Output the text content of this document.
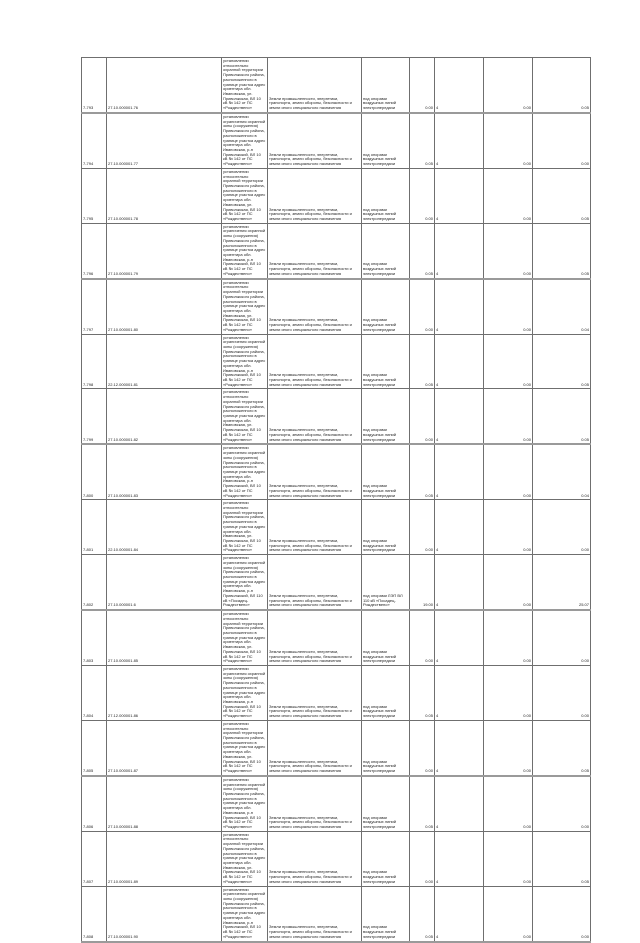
7-793	27.10.000001.76	установлении относительно охранной территории Приволжского района, расположенного в границе участка адрес ориентира обл. Ивановская, ул. Приволжская, ВЛ 10 кВ № 142 от ПС «Рождествено»	Земли промышленности, энергетики, транспорта, земли обороны, безопасности и земли иного специального назначения	под опорами воздушных линий электропередачи	0.00	4	0.00	0.05
7-794	27.10.000001.77	установлении ограничения охранной зоны (сооружения) Приволжского района, расположенного в границе участка адрес ориентира обл. Ивановская, р-н Приволжский, ВЛ 10 кВ № 142 от ПС «Рождествено»	Земли промышленности, энергетики, транспорта, земли обороны, безопасности и земли иного специального назначения	под опорами воздушных линий электропередачи	0.05	4	0.00	0.00
7-795	27.10.000001.78	установлении относительно охранной территории Приволжского района, расположенного в границе участка адрес ориентира обл. Ивановская, ул. Приволжская, ВЛ 10 кВ № 142 от ПС «Рождествено»	Земли промышленности, энергетики, транспорта, земли обороны, безопасности и земли иного специального назначения	под опорами воздушных линий электропередачи	0.00	4	0.00	0.05
7-796	27.10.000001.79	установлении ограничения охранной зоны (сооружения) Приволжского района, расположенного в границе участка адрес ориентира обл. Ивановская, р-н Приволжский, ВЛ 10 кВ № 142 от ПС «Рождествено»	Земли промышленности, энергетики, транспорта, земли обороны, безопасности и земли иного специального назначения	под опорами воздушных линий электропередачи	0.05	4	0.00	0.05
7-797	27.10.000001.80	установлении относительно охранной территории Приволжского района, расположенного в границе участка адрес ориентира обл. Ивановская, ул. Приволжская, ВЛ 10 кВ № 142 от ПС «Рождествено»	Земли промышленности, энергетики, транспорта, земли обороны, безопасности и земли иного специального назначения	под опорами воздушных линий электропередачи	0.00	4	0.00	0.04
7-798	22.12.000001.81	установлении ограничения охранной зоны (сооружения) Приволжского района, расположенного в границе участка адрес ориентира обл. Ивановская, р-н Приволжский, ВЛ 10 кВ № 142 от ПС «Рождествено»	Земли промышленности, энергетики, транспорта, земли обороны, безопасности и земли иного специального назначения	под опорами воздушных линий электропередачи	0.05	4	0.00	0.05
7-799	27.10.000001.82	установлении относительно охранной территории Приволжского района, расположенного в границе участка адрес ориентира обл. Ивановская, ул. Приволжская, ВЛ 10 кВ № 142 от ПС «Рождествено»	Земли промышленности, энергетики, транспорта, земли обороны, безопасности и земли иного специального назначения	под опорами воздушных линий электропередачи	0.00	4	0.00	0.05
7-800	27.10.000001.83	установлении ограничения охранной зоны (сооружения) Приволжского района, расположенного в границе участка адрес ориентира обл. Ивановская, р-н Приволжский, ВЛ 10 кВ № 142 от ПС «Рождествено»	Земли промышленности, энергетики, транспорта, земли обороны, безопасности и земли иного специального назначения	под опорами воздушных линий электропередачи	0.05	4	0.00	0.04
7-801	22.10.000001.84	установлении относительно охранной территории Приволжского района, расположенного в границе участка адрес ориентира обл. Ивановская, ул. Приволжская, ВЛ 10 кВ № 142 от ПС «Рождествено»	Земли промышленности, энергетики, транспорта, земли обороны, безопасности и земли иного специального назначения	под опорами воздушных линий электропередачи	0.00	4	0.00	0.00
7-802	27.10.000001.6	установлении ограничения охранной зоны (сооружения) Приволжского района, расположенного в границе участка адрес ориентира обл. Ивановская, р-н Приволжский, ВЛ 110 кВ «Посадец-Рождествено»	Земли промышленности, энергетики, транспорта, земли обороны, безопасности и земли иного специального назначения	под опорами ЛЭП ВЛ 110 кВ «Посадец-Рождествено»	19.00	4	0.00	25.07
7-803	27.10.000001.85	установлении относительно охранной территории Приволжского района, расположенного в границе участка адрес ориентира обл. Ивановская, ул. Приволжская, ВЛ 10 кВ № 142 от ПС «Рождествено»	Земли промышленности, энергетики, транспорта, земли обороны, безопасности и земли иного специального назначения	под опорами воздушных линий электропередачи	0.00	4	0.00	0.00
7-804	27.12.000001.86	установлении ограничения охранной зоны (сооружения) Приволжского района, расположенного в границе участка адрес ориентира обл. Ивановская, р-н Приволжский, ВЛ 10 кВ № 142 от ПС «Рождествено»	Земли промышленности, энергетики, транспорта, земли обороны, безопасности и земли иного специального назначения	под опорами воздушных линий электропередачи	0.05	4	0.00	0.00
7-805	27.10.000001.87	установлении относительно охранной территории Приволжского района, расположенного в границе участка адрес ориентира обл. Ивановская, ул. Приволжская, ВЛ 10 кВ № 142 от ПС «Рождествено»	Земли промышленности, энергетики, транспорта, земли обороны, безопасности и земли иного специального назначения	под опорами воздушных линий электропередачи	0.00	4	0.00	0.05
7-806	27.10.000001.88	установлении ограничения охранной зоны (сооружения) Приволжского района, расположенного в границе участка адрес ориентира обл. Ивановская, р-н Приволжский, ВЛ 10 кВ № 142 от ПС «Рождествено»	Земли промышленности, энергетики, транспорта, земли обороны, безопасности и земли иного специального назначения	под опорами воздушных линий электропередачи	0.05	4	0.00	0.00
7-807	27.10.000001.89	установлении относительно охранной территории Приволжского района, расположенного в границе участка адрес ориентира обл. Ивановская, ул. Приволжская, ВЛ 10 кВ № 142 от ПС «Рождествено»	Земли промышленности, энергетики, транспорта, земли обороны, безопасности и земли иного специального назначения	под опорами воздушных линий электропередачи	0.00	4	0.00	0.05
7-808	27.10.000001.90	установлении ограничения охранной зоны (сооружения) Приволжского района, расположенного в границе участка адрес ориентира обл. Ивановская, р-н Приволжский, ВЛ 10 кВ № 142 от ПС «Рождествено»	Земли промышленности, энергетики, транспорта, земли обороны, безопасности и земли иного специального назначения	под опорами воздушных линий электропередачи	0.05	4	0.00	0.00
